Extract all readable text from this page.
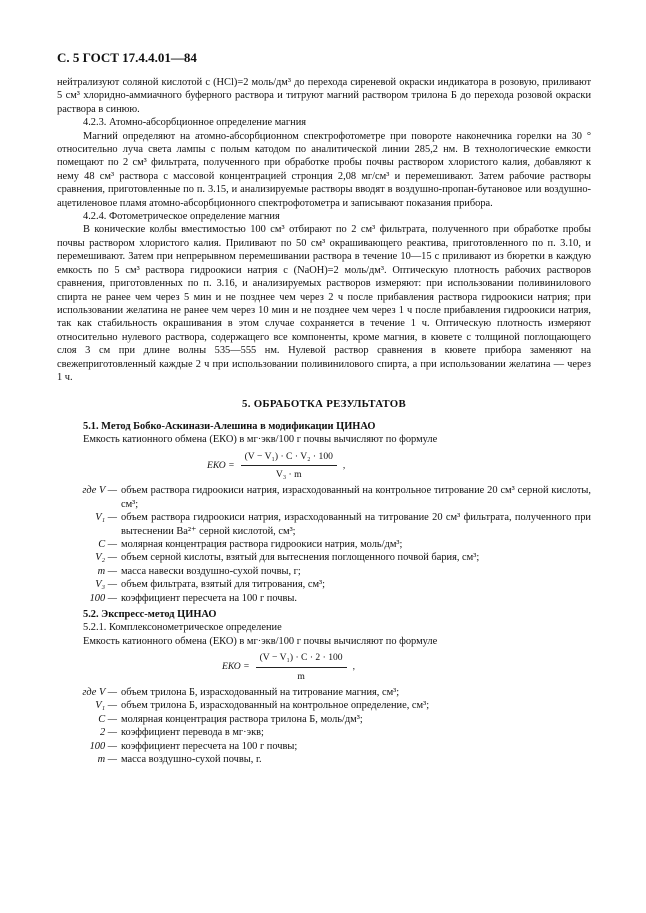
С. 5 ГОСТ 17.4.4.01—84

нейтрализуют соляной кислотой c (HCl)=2 моль/дм³ до перехода сиреневой окраски индикатора в розовую, приливают 5 см³ хлоридно-аммиачного буферного раствора и титруют магний раствором трилона Б до перехода розовой окраски раствора в синюю.

4.2.3. Атомно-абсорбционное определение магния

Магний определяют на атомно-абсорбционном спектрофотометре при повороте наконечника горелки на 30 ° относительно луча света лампы с полым катодом по аналитической линии 285,2 нм. В технологические емкости помещают по 2 см³ фильтрата, полученного при обработке пробы почвы раствором хлористого калия, добавляют к нему 48 см³ раствора с массовой концентрацией стронция 2,08 мг/см³ и перемешивают. Затем рабочие растворы сравнения, приготовленные по п. 3.15, и анализируемые растворы вводят в воздушно-пропан-бутановое или воздушно-ацетиленовое пламя атомно-абсорбционного спектрофотометра и записывают показания прибора.

4.2.4. Фотометрическое определение магния

В конические колбы вместимостью 100 см³ отбирают по 2 см³ фильтрата, полученного при обработке пробы почвы раствором хлористого калия. Приливают по 50 см³ окрашивающего реактива, приготовленного по п. 3.10, и перемешивают. Затем при непрерывном перемешивании раствора в течение 10—15 с приливают из бюретки в каждую емкость по 5 см³ раствора гидроокиси натрия c (NaOH)=2 моль/дм³. Оптическую плотность рабочих растворов сравнения, приготовленных по п. 3.16, и анализируемых растворов измеряют: при использовании поливинилового спирта не ранее чем через 5 мин и не позднее чем через 2 ч после прибавления раствора гидроокиси натрия; при использовании желатина не ранее чем через 10 мин и не позднее чем через 1 ч после прибавления гидроокиси натрия, так как стабильность окрашивания в этом случае сохраняется в течение 1 ч. Оптическую плотность измеряют относительно нулевого раствора, содержащего все компоненты, кроме магния, в кювете с толщиной поглощающего слоя 3 см при длине волны 535—555 нм. Нулевой раствор сравнения в кювете прибора заменяют на свежеприготовленный каждые 2 ч при использовании поливинилового спирта, а при использовании желатина — через 1 ч.

5. ОБРАБОТКА РЕЗУЛЬТАТОВ
5.1. Метод Бобко-Аскинази-Алешина в модификации ЦИНАО

Емкость катионного обмена (ЕКО) в мг·экв/100 г почвы вычисляют по формуле

ЕКО = $\frac{\text{(V − V₁) · C · V₂ · 100}}{\text{V₃ · m}}$ ,
где V — объем раствора гидроокиси натрия, израсходованный на контрольное титрование 20 см³ серной кислоты, см³;
V₁ — объем раствора гидроокиси натрия, израсходованный на титрование 20 см³ фильтрата, полученного при вытеснении Ba²⁺ серной кислотой, см³;
C — молярная концентрация раствора гидроокиси натрия, моль/дм³;
V₂ — объем серной кислоты, взятый для вытеснения поглощенного почвой бария, см³;
m — масса навески воздушно-сухой почвы, г;
V₃ — объем фильтрата, взятый для титрования, см³;
100 — коэффициент пересчета на 100 г почвы.
5.2. Экспресс-метод ЦИНАО

5.2.1. Комплексонометрическое определение

Емкость катионного обмена (ЕКО) в мг·экв/100 г почвы вычисляют по формуле

ЕКО = $\frac{\text{(V − V₁) · C · 2 · 100}}{m}$ ,
где V — объем трилона Б, израсходованный на титрование магния, см³;
V₁ — объем трилона Б, израсходованный на контрольное определение, см³;
C — молярная концентрация раствора трилона Б, моль/дм³;
2 — коэффициент перевода в мг·экв;
100 — коэффициент пересчета на 100 г почвы;
m — масса воздушно-сухой почвы, г.
